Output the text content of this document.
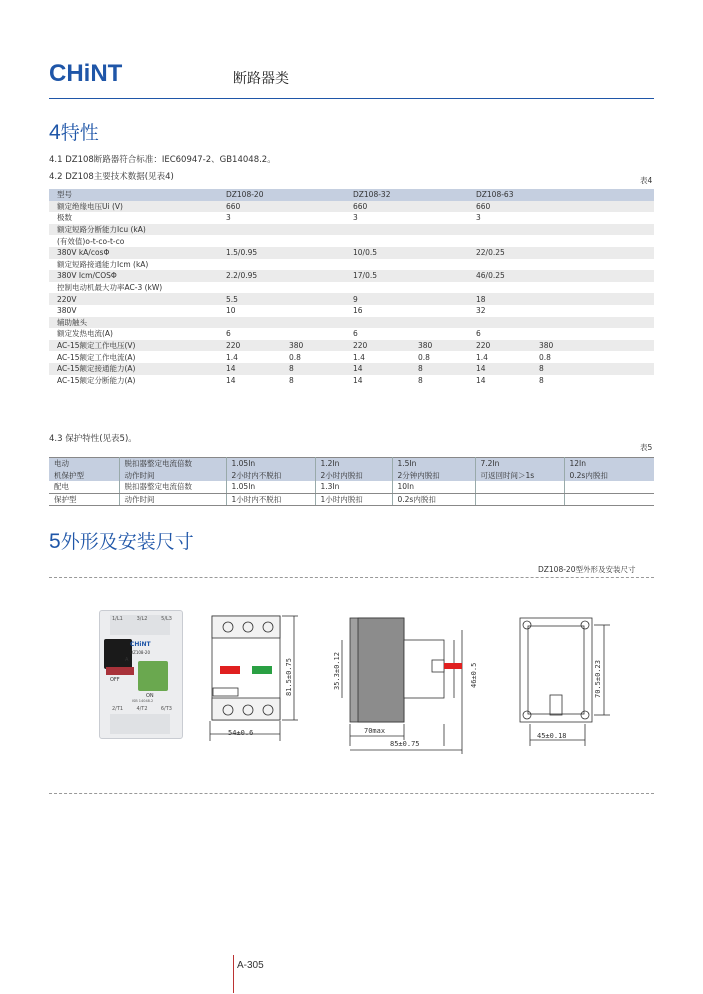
CHiNT	断路器类
4特性
4.1 DZ108断路器符合标准：IEC60947-2、GB14048.2。
4.2 DZ108主要技术数据(见表4)	表4
型号	DZ108-20		DZ108-32		DZ108-63	
额定绝缘电压Ui (V)	660		660		660	
极数	3		3		3	
额定短路分断能力Icu (kA)						
(有效值)o-t-co-t-co						
380V kA/cosΦ	1.5/0.95		10/0.5		22/0.25	
额定短路接通能力Icm (kA)						
380V Icm/COSΦ	2.2/0.95		17/0.5		46/0.25	
控制电动机最大功率AC-3 (kW)						
220V	5.5		9		18	
380V	10		16		32	
辅助触头						
额定发热电流(A)	6		6		6	
AC-15额定工作电压(V)	220	380	220	380	220	380
AC-15额定工作电流(A)	1.4	0.8	1.4	0.8	1.4	0.8
AC-15额定接通能力(A)	14	8	14	8	14	8
AC-15额定分断能力(A)	14	8	14	8	14	8
4.3 保护特性(见表5)。
表5
电动	脱扣器整定电流倍数	1.05In	1.2In	1.5In	7.2In	12In
机保护型	动作时间	2小时内不脱扣	2小时内脱扣	2分钟内脱扣	可返回时间＞1s	0.2s内脱扣
配电	脱扣器整定电流倍数	1.05In	1.3In	10In		
保护型	动作时间	1小时内不脱扣	1小时内脱扣	0.2s内脱扣		
5外形及安装尺寸
DZ108-20型外形及安装尺寸
1/L1	3/L2	5/L3
CHiNT
DZ108-20
A
OFF
ON
ISB 14048.2
2/T1	4/T2	6/T3
81.5±0.75
54±0.6
35.3±0.12	46±0.5
70max
85±0.75
70.5±0.23
45±0.18
A-305
